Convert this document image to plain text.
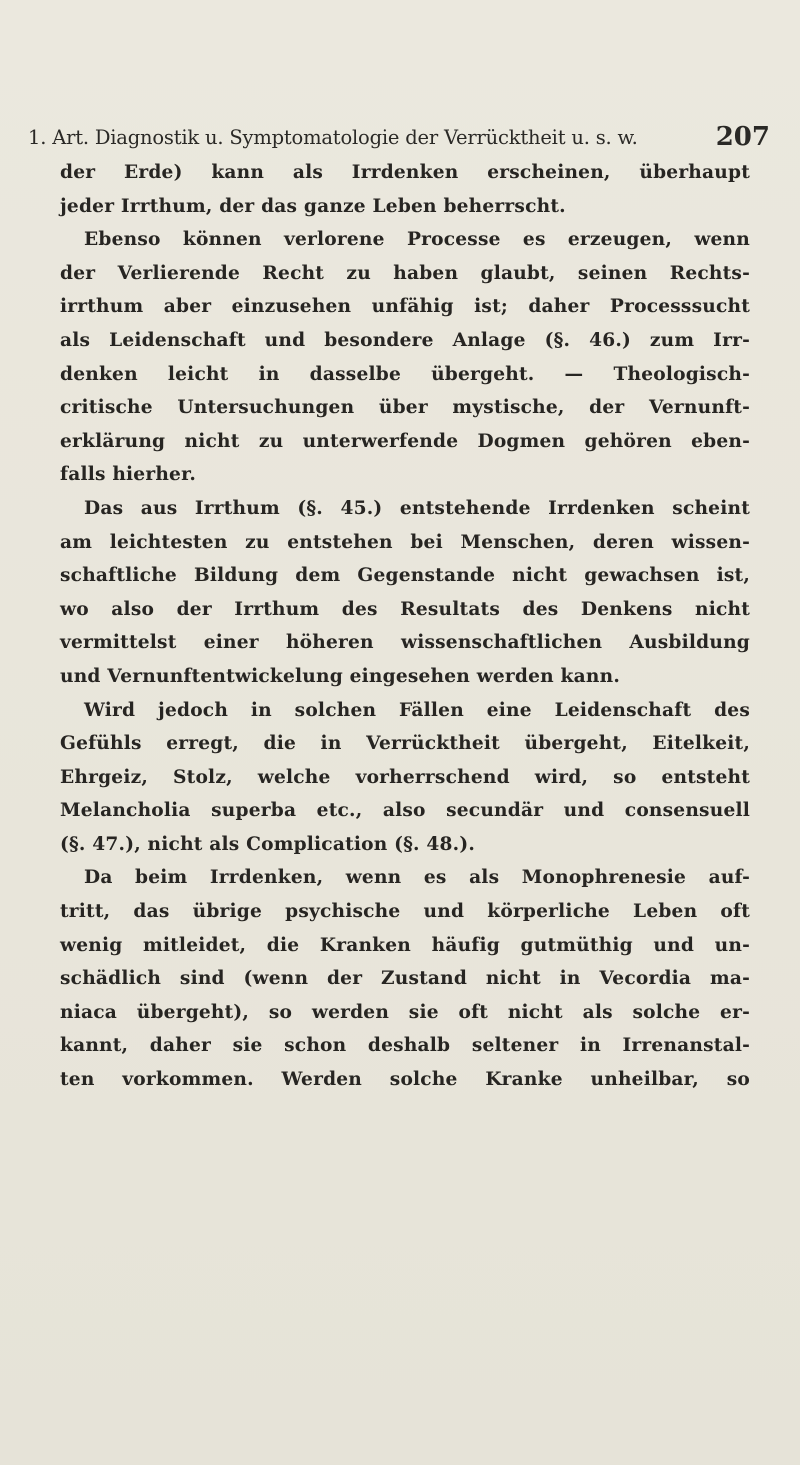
1. Art. Diagnostik u. Symptomatologie der Verrücktheit u. s. w.	207
der Erde) kann als Irrdenken erscheinen, überhaupt
jeder Irrthum, der das ganze Leben beherrscht.
Ebenso können verlorene Processe es erzeugen, wenn
der Verlierende Recht zu haben glaubt, seinen Rechts-
irrthum aber einzusehen unfähig ist; daher Processsucht
als Leidenschaft und besondere Anlage (§. 46.) zum Irr-
denken leicht in dasselbe übergeht. — Theologisch-
critische Untersuchungen über mystische, der Vernunft-
erklärung nicht zu unterwerfende Dogmen gehören eben-
falls hierher.
Das aus Irrthum (§. 45.) entstehende Irrdenken scheint
am leichtesten zu entstehen bei Menschen, deren wissen-
schaftliche Bildung dem Gegenstande nicht gewachsen ist,
wo also der Irrthum des Resultats des Denkens nicht
vermittelst einer höheren wissenschaftlichen Ausbildung
und Vernunftentwickelung eingesehen werden kann.
Wird jedoch in solchen Fällen eine Leidenschaft des
Gefühls erregt, die in Verrücktheit übergeht, Eitelkeit,
Ehrgeiz, Stolz, welche vorherrschend wird, so entsteht
Melancholia superba etc., also secundär und consensuell
(§. 47.), nicht als Complication (§. 48.).
Da beim Irrdenken, wenn es als Monophrenesie auf-
tritt, das übrige psychische und körperliche Leben oft
wenig mitleidet, die Kranken häufig gutmüthig und un-
schädlich sind (wenn der Zustand nicht in Vecordia ma-
niaca übergeht), so werden sie oft nicht als solche er-
kannt, daher sie schon deshalb seltener in Irrenanstal-
ten vorkommen. Werden solche Kranke unheilbar, so
